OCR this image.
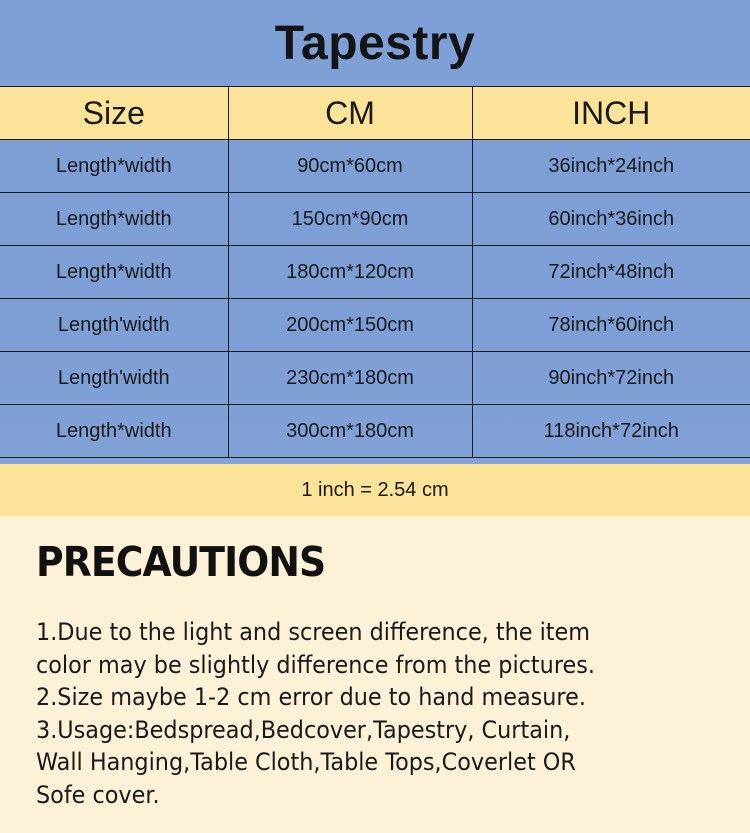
Tapestry
Size	CM	INCH
Length*width	90cm*60cm	36inch*24inch
Length*width	150cm*90cm	60inch*36inch
Length*width	180cm*120cm	72inch*48inch
Length'width	200cm*150cm	78inch*60inch
Length'width	230cm*180cm	90inch*72inch
Length*width	300cm*180cm	118inch*72inch
1 inch = 2.54 cm
PRECAUTIONS
1.Due to the light and screen difference, the item
color may be slightly difference from the pictures.
2.Size maybe 1-2 cm error due to hand measure.
3.Usage:Bedspread,Bedcover,Tapestry, Curtain,
Wall Hanging,Table Cloth,Table Tops,Coverlet OR
Sofe cover.
